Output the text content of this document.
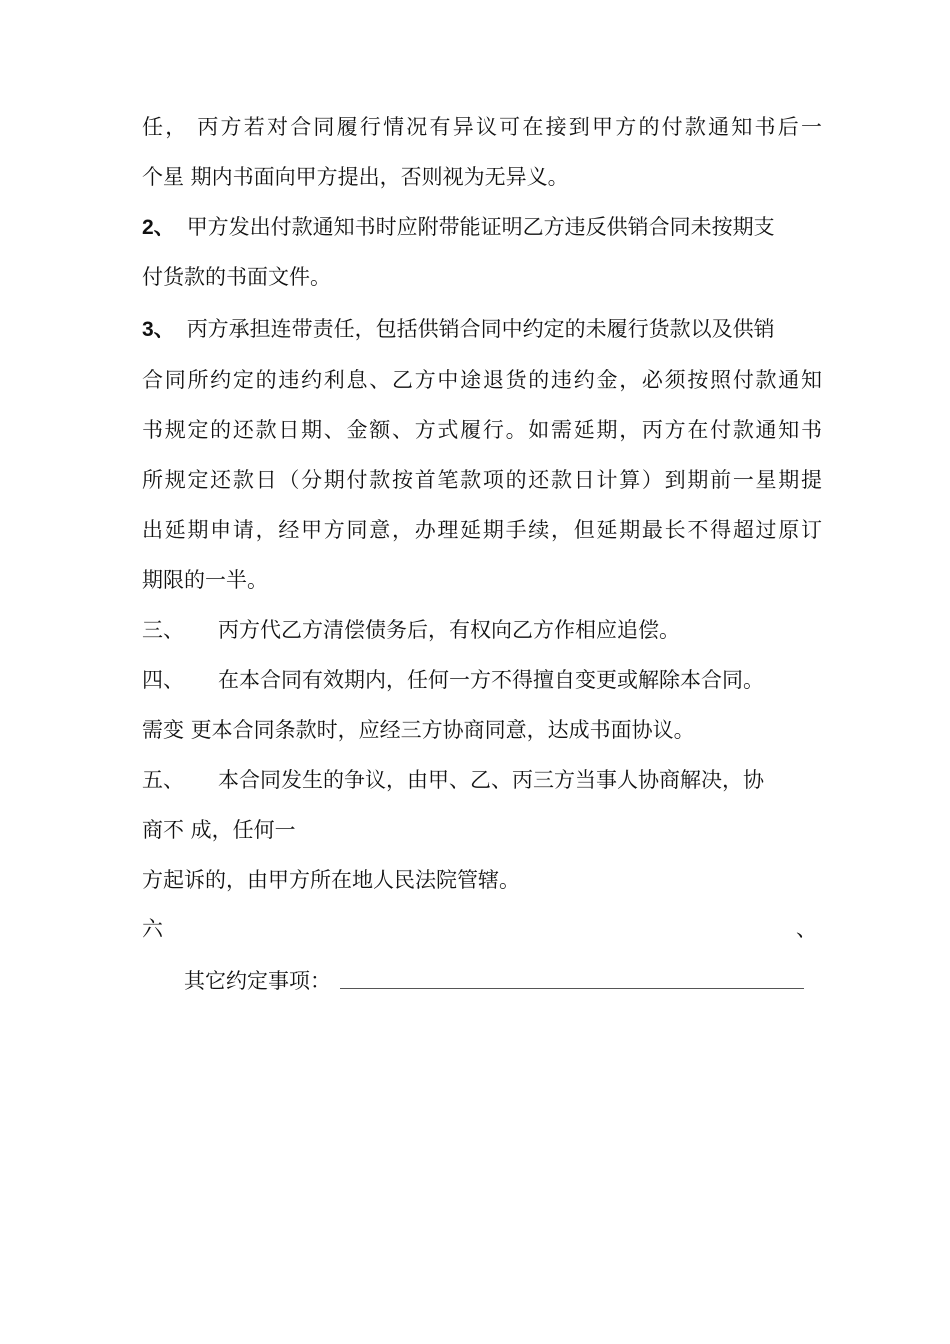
任， 丙方若对合同履行情况有异议可在接到甲方的付款通知书后一
个星 期内书面向甲方提出，否则视为无异义。
2、 甲方发出付款通知书时应附带能证明乙方违反供销合同未按期支
付货款的书面文件。
3、 丙方承担连带责任，包括供销合同中约定的未履行货款以及供销
合同所约定的违约利息、乙方中途退货的违约金，必须按照付款通知
书规定的还款日期、金额、方式履行。如需延期，丙方在付款通知书
所规定还款日（分期付款按首笔款项的还款日计算）到期前一星期提
出延期申请，经甲方同意，办理延期手续，但延期最长不得超过原订
期限的一半。
三、 丙方代乙方清偿债务后，有权向乙方作相应追偿。
四、 在本合同有效期内，任何一方不得擅自变更或解除本合同。
需变 更本合同条款时，应经三方协商同意，达成书面协议。
五、 本合同发生的争议，由甲、乙、丙三方当事人协商解决，协
商不 成，任何一
方起诉的，由甲方所在地人民法院管辖。
六	、
其它约定事项：
